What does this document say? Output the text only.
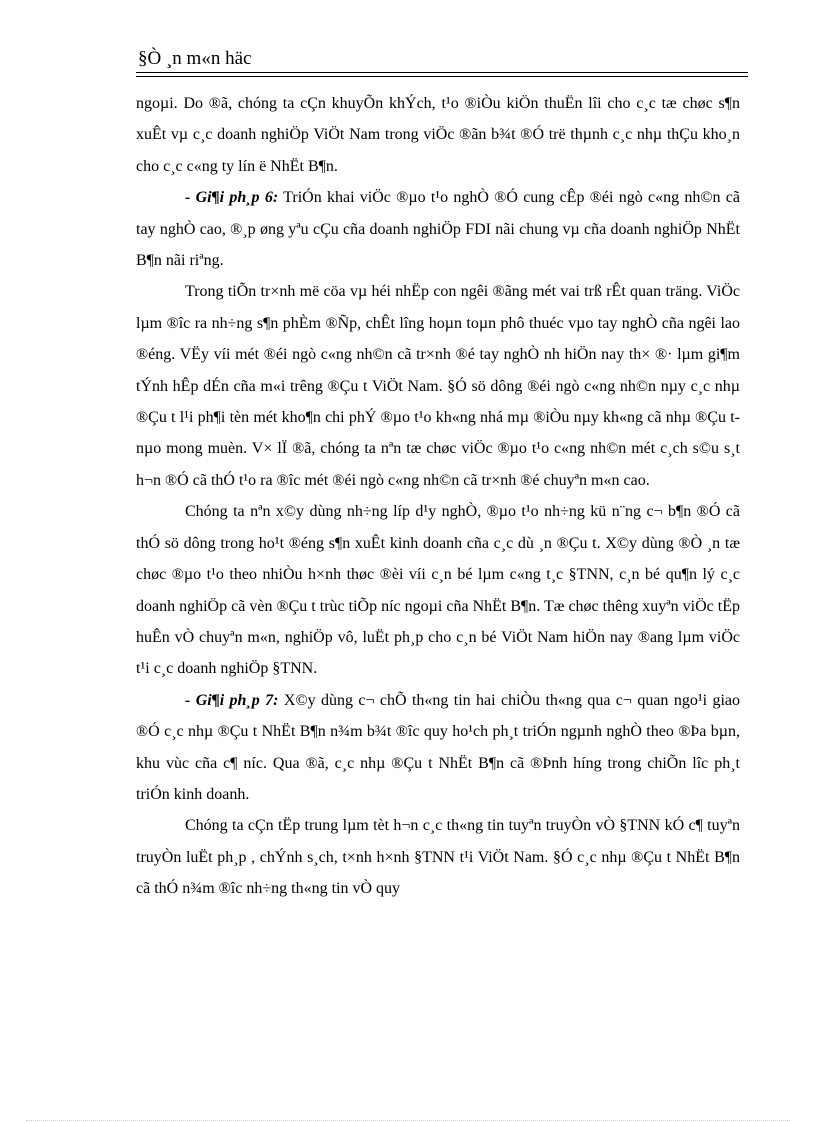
§Ò ¸n m«n häc

ngoµi. Do ®ã, chóng ta cÇn khuyÕn khÝch, t¹o ®iÒu kiÖn thuËn lîi cho c¸c tæ chøc s¶n xuÊt vµ c¸c doanh nghiÖp ViÖt Nam trong viÖc ®ãn b¾t ®Ó trë thµnh c¸c nhµ thÇu kho¸n cho c¸c c«ng ty lín ë NhËt B¶n.

- Gi¶i ph¸p 6: TriÓn khai viÖc ®µo t¹o nghÒ ®Ó cung cÊp ®éi ngò c«ng nh©n cã tay nghÒ cao, ®¸p øng yªu cÇu cña doanh nghiÖp FDI nãi chung vµ cña doanh nghiÖp NhËt B¶n nãi riªng.

Trong tiÕn tr×nh më cöa vµ héi nhËp con ngêi ®ãng mét vai trß rÊt quan träng. ViÖc lµm ®îc ra nh÷ng s¶n phÈm ®Ñp, chÊt lîng hoµn toµn phô thuéc vµo tay nghÒ cña ngêi lao ®éng. VËy víi mét ®éi ngò c«ng nh©n cã tr×nh ®é tay nghÒ nh hiÖn nay th× ®· lµm gi¶m tÝnh hÊp dÉn cña m«i trêng ®Çu t ViÖt Nam. §Ó sö dông ®éi ngò c«ng nh©n nµy c¸c nhµ ®Çu t l¹i ph¶i tèn mét kho¶n chi phÝ ®µo t¹o kh«ng nhá mµ ®iÒu nµy kh«ng cã nhµ ®Çu t nµo mong muèn. V× lÏ ®ã, chóng ta nªn tæ chøc viÖc ®µo t¹o c«ng nh©n mét c¸ch s©u s¸t h¬n ®Ó cã thÓ t¹o ra ®îc mét ®éi ngò c«ng nh©n cã tr×nh ®é chuyªn m«n cao.

Chóng ta nªn x©y dùng nh÷ng líp d¹y nghÒ, ®µo t¹o nh÷ng kü n¨ng c¬ b¶n ®Ó cã thÓ sö dông trong ho¹t ®éng s¶n xuÊt kinh doanh cña c¸c dù ¸n ®Çu t. X©y dùng ®Ò ¸n tæ chøc ®µo t¹o theo nhiÒu h×nh thøc ®èi víi c¸n bé lµm c«ng t¸c §TNN, c¸n bé qu¶n lý c¸c doanh nghiÖp cã vèn ®Çu t trùc tiÕp níc ngoµi cña NhËt B¶n. Tæ chøc thêng xuyªn viÖc tËp huÊn vÒ chuyªn m«n, nghiÖp vô, luËt ph¸p cho c¸n bé ViÖt Nam hiÖn nay ®ang lµm viÖc t¹i c¸c doanh nghiÖp §TNN.

- Gi¶i ph¸p 7: X©y dùng c¬ chÕ th«ng tin hai chiÒu th«ng qua c¬ quan ngo¹i giao ®Ó c¸c nhµ ®Çu t NhËt B¶n n¾m b¾t ®îc quy ho¹ch ph¸t triÓn ngµnh nghÒ theo ®Þa bµn, khu vùc cña c¶ níc. Qua ®ã, c¸c nhµ ®Çu t NhËt B¶n cã ®Þnh híng trong chiÕn lîc ph¸t triÓn kinh doanh.

Chóng ta cÇn tËp trung lµm tèt h¬n c¸c th«ng tin tuyªn truyÒn vÒ §TNN kÓ c¶ tuyªn truyÒn luËt ph¸p , chÝnh s¸ch, t×nh h×nh §TNN t¹i ViÖt Nam. §Ó c¸c nhµ ®Çu t NhËt B¶n cã thÓ n¾m ®îc nh÷ng th«ng tin vÒ quy
